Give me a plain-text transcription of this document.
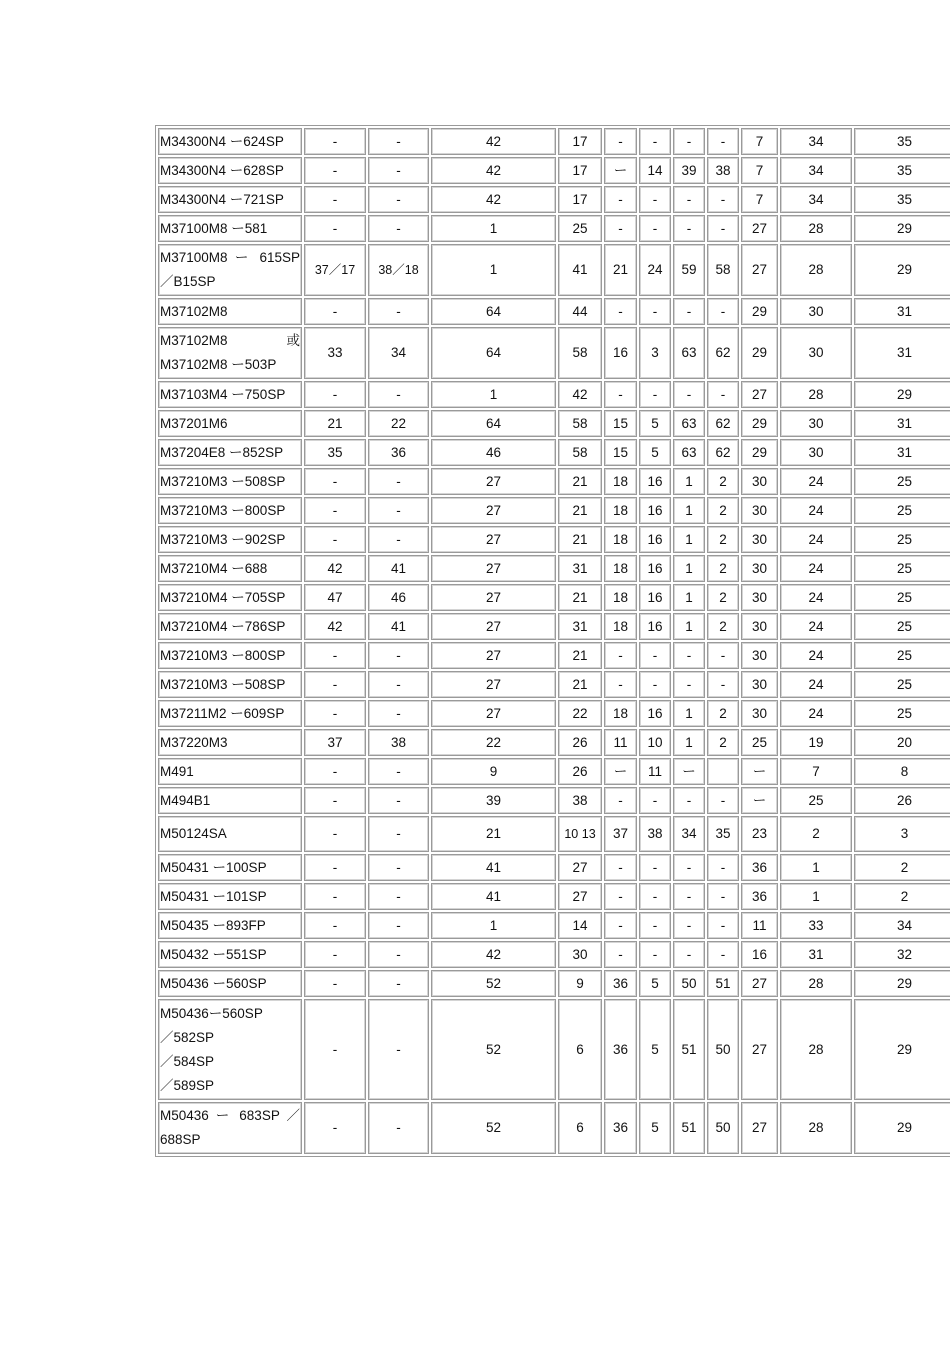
M34300N4 ー624SP	-	-	42	17	-	-	-	-	7	34	35

M34300N4 ー628SP	-	-	42	17	ー	14	39	38	7	34	35

M34300N4 ー721SP	-	-	42	17	-	-	-	-	7	34	35

M37100M8 ー581	-	-	1	25	-	-	-	-	27	28	29

M37100M8 ー 615SP
／B15SP	37／17	38／18	1	41	21	24	59	58	27	28	29

M37102M8	-	-	64	44	-	-	-	-	29	30	31

M37102M8 或
M37102M8 ー503P	33	34	64	58	16	3	63	62	29	30	31

M37103M4 ー750SP	-	-	1	42	-	-	-	-	27	28	29

M37201M6	21	22	64	58	15	5	63	62	29	30	31

M37204E8 ー852SP	35	36	46	58	15	5	63	62	29	30	31

M37210M3 ー508SP	-	-	27	21	18	16	1	2	30	24	25

M37210M3 ー800SP	-	-	27	21	18	16	1	2	30	24	25

M37210M3 ー902SP	-	-	27	21	18	16	1	2	30	24	25

M37210M4 ー688	42	41	27	31	18	16	1	2	30	24	25

M37210M4 ー705SP	47	46	27	21	18	16	1	2	30	24	25

M37210M4 ー786SP	42	41	27	31	18	16	1	2	30	24	25

M37210M3 ー800SP	-	-	27	21	-	-	-	-	30	24	25

M37210M3 ー508SP	-	-	27	21	-	-	-	-	30	24	25

M37211M2 ー609SP	-	-	27	22	18	16	1	2	30	24	25

M37220M3	37	38	22	26	11	10	1	2	25	19	20

M491	-	-	9	26	ー	11	ー		ー	7	8

M494B1	-	-	39	38	-	-	-	-	ー	25	26

M50124SA	-	-	21	10 13	37	38	34	35	23	2	3

M50431 ー100SP	-	-	41	27	-	-	-	-	36	1	2

M50431 ー101SP	-	-	41	27	-	-	-	-	36	1	2

M50435 ー893FP	-	-	1	14	-	-	-	-	11	33	34

M50432 ー551SP	-	-	42	30	-	-	-	-	16	31	32

M50436 ー560SP	-	-	52	9	36	5	50	51	27	28	29

M50436ー560SP
／582SP
／584SP
／589SP	-	-	52	6	36	5	51	50	27	28	29

M50436 ー 683SP ／
688SP	-	-	52	6	36	5	51	50	27	28	29
